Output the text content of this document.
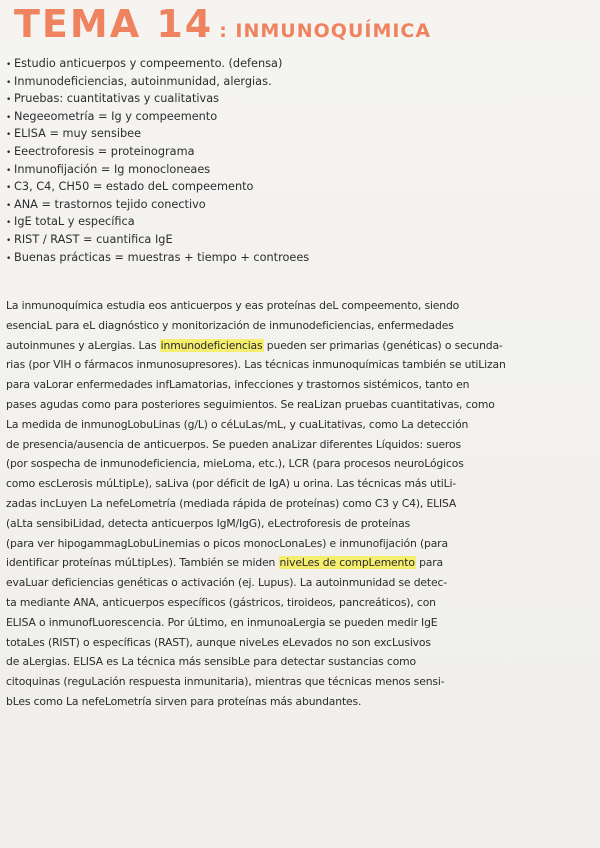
TEMA 14 : INMUNOQUÍMICA
• Estudio anticuerpos y compeemento. (defensa)
• Inmunodeficiencias, autoinmunidad, alergias.
• Pruebas: cuantitativas y cualitativas
• Negeeometría = Ig y compeemento
• ELISA = muy sensibee
• Eeectroforesis = proteinograma
• Inmunofijación = Ig monocloneaes
• C3, C4, CH50 = estado deL compeemento
• ANA = trastornos tejido conectivo
• IgE totaL y específica
• RIST / RAST = cuantifica IgE
• Buenas prácticas = muestras + tiempo + controees
La inmunoquímica estudia eos anticuerpos y eas proteínas deL compeemento, siendo
esenciaL para eL diagnóstico y monitorización de inmunodeficiencias, enfermedades
autoinmunes y aLergias. Las inmunodeficiencias pueden ser primarias (genéticas) o secunda-
rias (por VIH o fármacos inmunosupresores). Las técnicas inmunoquímicas también se utiLizan
para vaLorar enfermedades infLamatorias, infecciones y trastornos sistémicos, tanto en
pases agudas como para posteriores seguimientos. Se reaLizan pruebas cuantitativas, como
La medida de inmunogLobuLinas (g/L) o céLuLas/mL, y cuaLitativas, como La detección
de presencia/ausencia de anticuerpos. Se pueden anaLizar diferentes Líquidos: sueros
(por sospecha de inmunodeficiencia, mieLoma, etc.), LCR (para procesos neuroLógicos
como escLerosis múLtipLe), saLiva (por déficit de IgA) u orina. Las técnicas más utiLi-
zadas incLuyen La nefeLometría (mediada rápida de proteínas) como C3 y C4), ELISA
(aLta sensibiLidad, detecta anticuerpos IgM/IgG), eLectroforesis de proteínas
(para ver hipogammagLobuLinemias o picos monocLonaLes) e inmunofijación (para
identificar proteínas múLtipLes). También se miden niveLes de compLemento para
evaLuar deficiencias genéticas o activación (ej. Lupus). La autoinmunidad se detec-
ta mediante ANA, anticuerpos específicos (gástricos, tiroideos, pancreáticos), con
ELISA o inmunofLuorescencia. Por úLtimo, en inmunoaLergia se pueden medir IgE
totaLes (RIST) o específicas (RAST), aunque niveLes eLevados no son excLusivos
de aLergias. ELISA es La técnica más sensibLe para detectar sustancias como
citoquinas (reguLación respuesta inmunitaria), mientras que técnicas menos sensi-
bLes como La nefeLometría sirven para proteínas más abundantes.
